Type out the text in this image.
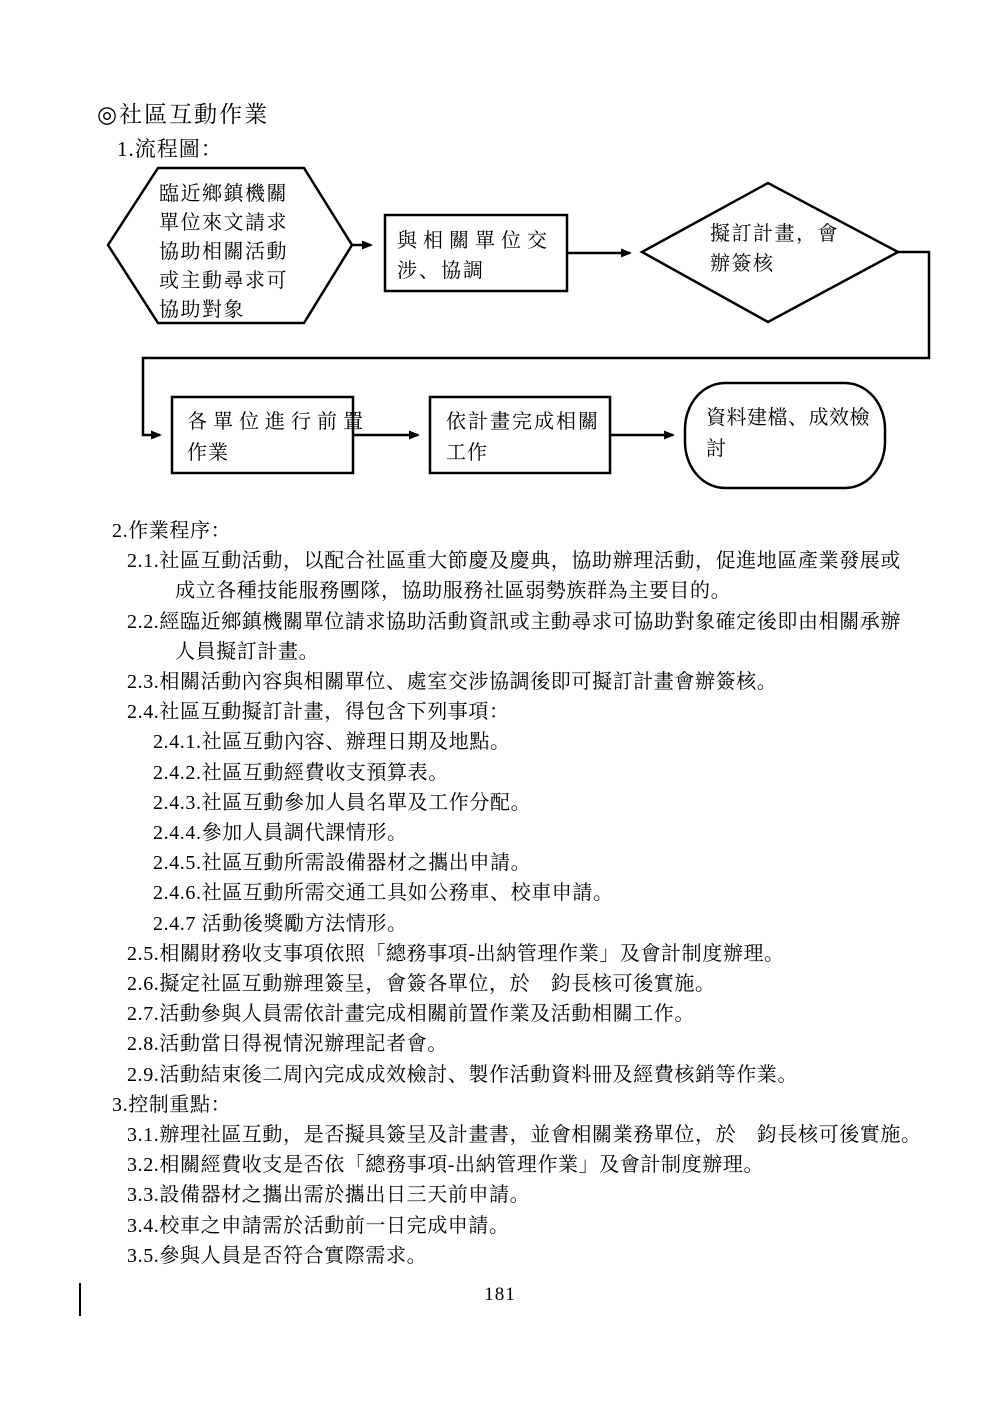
◎社區互動作業
1.流程圖：
臨近鄉鎮機關
單位來文請求
協助相關活動
或主動尋求可
協助對象
與相關單位交
涉、協調
擬訂計畫，會
辦簽核
各單位進行前置
作業
依計畫完成相關
工作
資料建檔、成效檢
討
2.作業程序：
2.1.社區互動活動，以配合社區重大節慶及慶典，協助辦理活動，促進地區產業發展或
成立各種技能服務團隊，協助服務社區弱勢族群為主要目的。
2.2.經臨近鄉鎮機關單位請求協助活動資訊或主動尋求可協助對象確定後即由相關承辦
人員擬訂計畫。
2.3.相關活動內容與相關單位、處室交涉協調後即可擬訂計畫會辦簽核。
2.4.社區互動擬訂計畫，得包含下列事項：
2.4.1.社區互動內容、辦理日期及地點。
2.4.2.社區互動經費收支預算表。
2.4.3.社區互動參加人員名單及工作分配。
2.4.4.參加人員調代課情形。
2.4.5.社區互動所需設備器材之攜出申請。
2.4.6.社區互動所需交通工具如公務車、校車申請。
2.4.7 活動後獎勵方法情形。
2.5.相關財務收支事項依照「總務事項-出納管理作業」及會計制度辦理。
2.6.擬定社區互動辦理簽呈，會簽各單位，於　鈞長核可後實施。
2.7.活動參與人員需依計畫完成相關前置作業及活動相關工作。
2.8.活動當日得視情況辦理記者會。
2.9.活動結束後二周內完成成效檢討、製作活動資料冊及經費核銷等作業。
3.控制重點：
3.1.辦理社區互動，是否擬具簽呈及計畫書，並會相關業務單位，於　鈞長核可後實施。
3.2.相關經費收支是否依「總務事項-出納管理作業」及會計制度辦理。
3.3.設備器材之攜出需於攜出日三天前申請。
3.4.校車之申請需於活動前一日完成申請。
3.5.參與人員是否符合實際需求。
181
